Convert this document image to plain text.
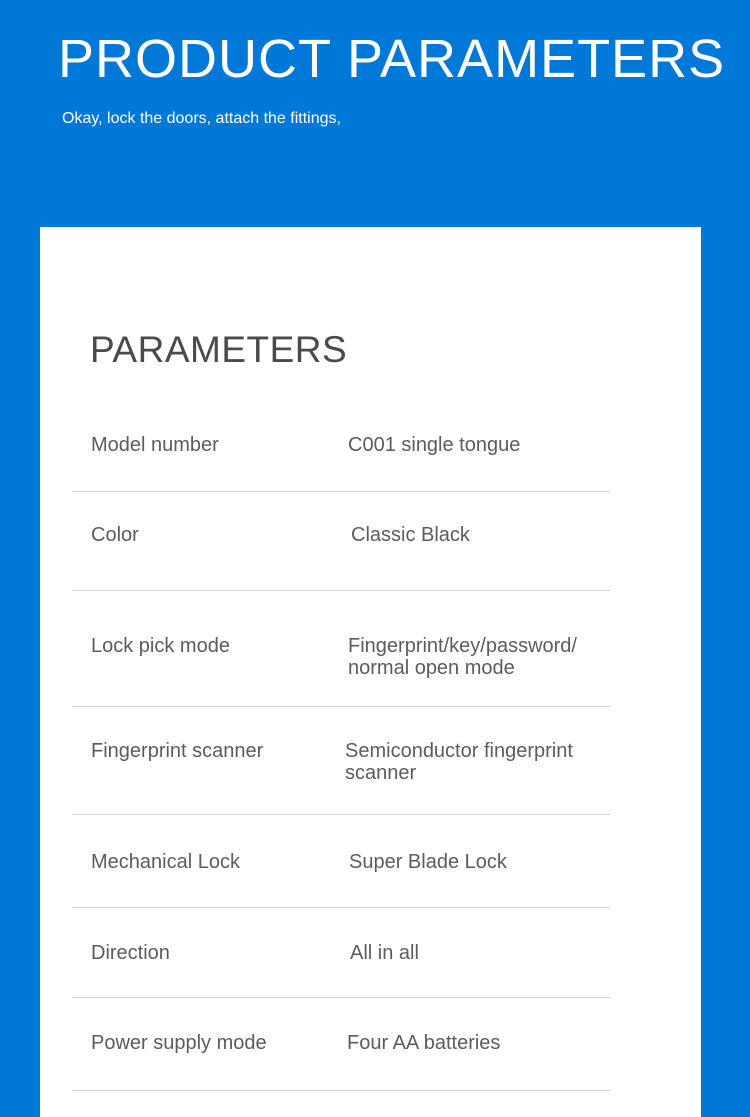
PRODUCT PARAMETERS
Okay, lock the doors, attach the fittings,
PARAMETERS
Model number	C001 single tongue
Color	Classic Black
Lock pick mode	Fingerprint/key/password/ normal open mode
Fingerprint scanner	Semiconductor fingerprint scanner
Mechanical Lock	Super Blade Lock
Direction	All in all
Power supply mode	Four AA batteries
